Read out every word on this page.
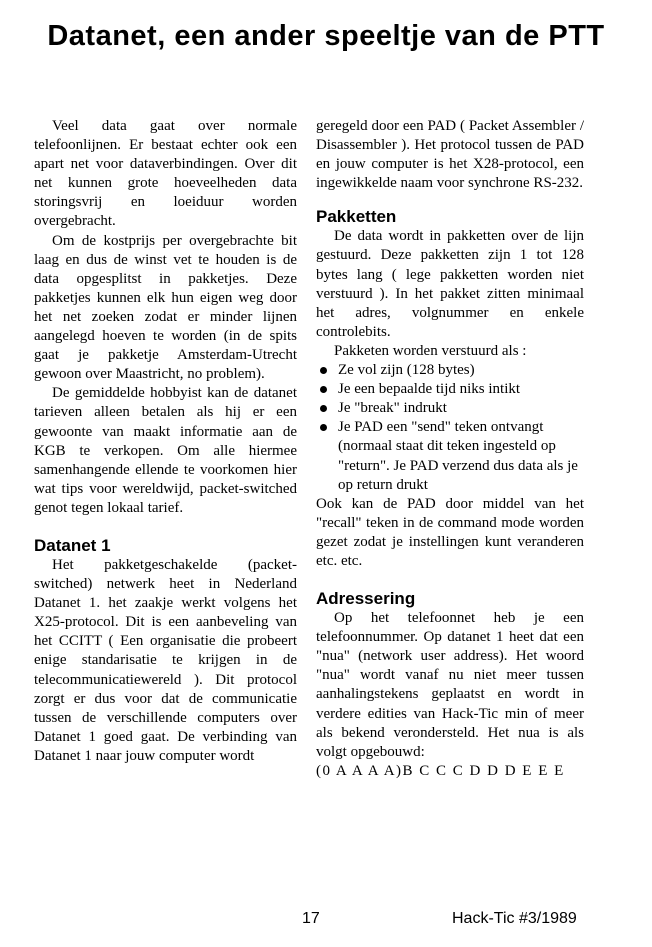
Datanet, een ander speeltje van de PTT

Veel data gaat over normale telefoonlijnen. Er bestaat echter ook een apart net voor dataverbindingen. Over dit net kunnen grote hoeveelheden data storingsvrij en loeiduur worden overgebracht.

Om de kostprijs per overgebrachte bit laag en dus de winst vet te houden is de data opgesplitst in pakketjes. Deze pakketjes kunnen elk hun eigen weg door het net zoeken zodat er minder lijnen aangelegd hoeven te worden (in de spits gaat je pakketje Amsterdam-Utrecht gewoon over Maastricht, no problem).

De gemiddelde hobbyist kan de datanet tarieven alleen betalen als hij er een gewoonte van maakt informatie aan de KGB te verkopen. Om alle hiermee samenhangende ellende te voorkomen hier wat tips voor wereldwijd, packet-switched genot tegen lokaal tarief.

Datanet 1

Het pakketgeschakelde (packet-switched) netwerk heet in Nederland Datanet 1. het zaakje werkt volgens het X25-protocol. Dit is een aanbeveling van het CCITT ( Een organisatie die probeert enige standarisatie te krijgen in de telecommunicatiewereld ). Dit protocol zorgt er dus voor dat de communicatie tussen de verschillende computers over Datanet 1 goed gaat. De verbinding van Datanet 1 naar jouw computer wordt

geregeld door een PAD ( Packet Assembler / Disassembler ). Het protocol tussen de PAD en jouw computer is het X28-protocol, een ingewikkelde naam voor synchrone RS-232.

Pakketten

De data wordt in pakketten over de lijn gestuurd. Deze pakketten zijn 1 tot 128 bytes lang ( lege pakketten worden niet verstuurd ). In het pakket zitten minimaal het adres, volgnummer en enkele controlebits.

Pakketen worden verstuurd als :

Ze vol zijn (128 bytes)
Je een bepaalde tijd niks intikt
Je "break" indrukt
Je PAD een "send" teken ontvangt (normaal staat dit teken ingesteld op "return". Je PAD verzend dus data als je op return drukt

Ook kan de PAD door middel van het "recall" teken in de command mode worden gezet zodat je instellingen kunt veranderen etc. etc.

Adressering

Op het telefoonnet heb je een telefoonnummer. Op datanet 1 heet dat een "nua" (network user address). Het woord "nua" wordt vanaf nu niet meer tussen aanhalingstekens geplaatst en wordt in verdere edities van Hack-Tic min of meer als bekend verondersteld. Het nua is als volgt opgebouwd:

(0 A A A A)B C C C D D D E E E

17	Hack-Tic #3/1989
